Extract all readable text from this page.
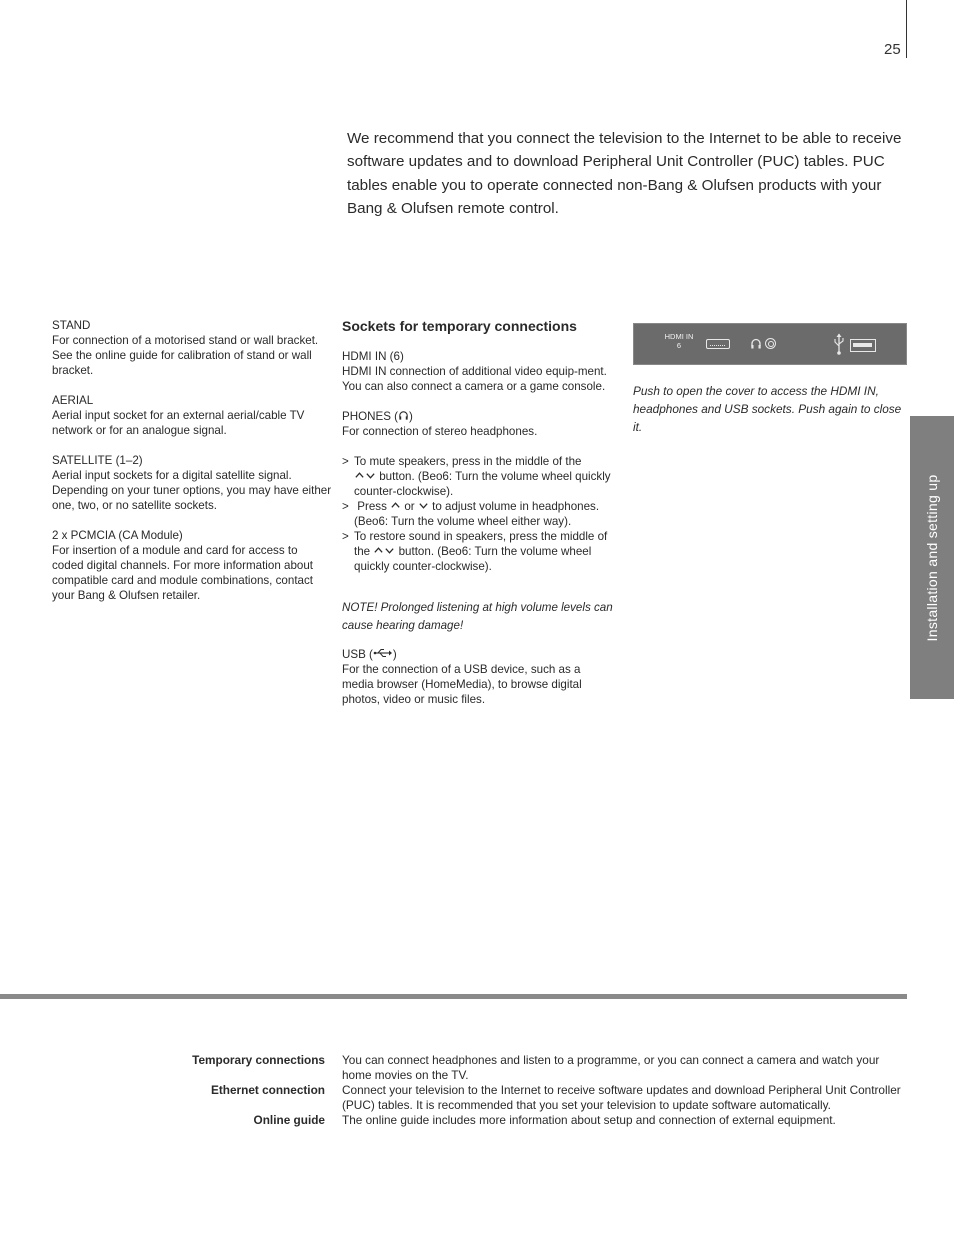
25

We recommend that you connect the television to the Internet to be able to receive software updates and to download Peripheral Unit Controller (PUC) tables. PUC tables enable you to operate connected non-Bang & Olufsen products with your Bang & Olufsen remote control.

STAND
For connection of a motorised stand or wall bracket. See the online guide for calibration of stand or wall bracket.
AERIAL
Aerial input socket for an external aerial/cable TV network or for an analogue signal.
SATELLITE (1–2)
Aerial input sockets for a digital satellite signal. Depending on your tuner options, you may have either one, two, or no satellite sockets.
2 x PCMCIA (CA Module)
For insertion of a module and card for access to coded digital channels. For more information about compatible card and module combinations, contact your Bang & Olufsen retailer.
Sockets for temporary connections
HDMI IN (6)
HDMI IN connection of additional video equip-ment. You can also connect a camera or a game console.
PHONES ( )
For connection of stereo headphones.
> To mute speakers, press in the middle of the
button. (Beo6: Turn the volume wheel quickly counter-clockwise).
> Press or to adjust volume in headphones. (Beo6: Turn the volume wheel either way).
> To restore sound in speakers, press the middle of the button. (Beo6: Turn the volume wheel quickly counter-clockwise).

NOTE! Prolonged listening at high volume levels can cause hearing damage!

USB ( )
For the connection of a USB device, such as a media browser (HomeMedia), to browse digital photos, video or music files.
HDMI IN
6

Push to open the cover to access the HDMI IN, headphones and USB sockets. Push again to close it.

Installation and setting up
Temporary connections You can connect headphones and listen to a programme, or you can connect a camera and watch your home movies on the TV.
Ethernet connection Connect your television to the Internet to receive software updates and download Peripheral Unit Controller (PUC) tables. It is recommended that you set your television to update software automatically.
Online guide The online guide includes more information about setup and connection of external equipment.
